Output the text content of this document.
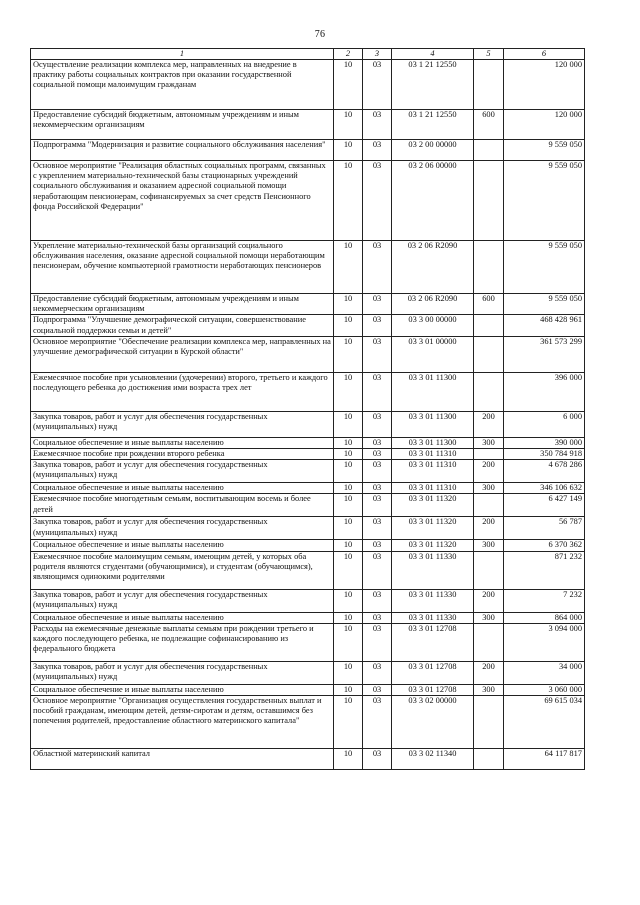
76
1	2	3	4	5	6
Осуществление реализации комплекса мер, направленных на внедрение в практику работы социальных контрактов при оказании государственной социальной помощи малоимущим гражданам	10	03	03 1 21 12550		120 000
Предоставление субсидий бюджетным, автономным учреждениям и иным некоммерческим организациям	10	03	03 1 21 12550	600	120 000
Подпрограмма "Модернизация и развитие социального обслуживания населения"	10	03	03 2 00 00000		9 559 050
Основное мероприятие "Реализация областных социальных программ, связанных с укреплением материально-технической базы стационарных учреждений социального обслуживания и оказанием адресной социальной помощи неработающим пенсионерам, софинансируемых за счет средств Пенсионного фонда Российской Федерации"	10	03	03 2 06 00000		9 559 050
Укрепление материально-технической базы организаций социального обслуживания населения, оказание адресной социальной помощи неработающим пенсионерам, обучение компьютерной грамотности неработающих пенсионеров	10	03	03 2 06 R2090		9 559 050
Предоставление субсидий бюджетным, автономным учреждениям и иным некоммерческим организациям	10	03	03 2 06 R2090	600	9 559 050
Подпрограмма "Улучшение демографической ситуации, совершенствование социальной поддержки семьи и детей"	10	03	03 3 00 00000		468 428 961
Основное мероприятие "Обеспечение реализации комплекса мер, направленных на улучшение демографической ситуации в Курской области"	10	03	03 3 01 00000		361 573 299
Ежемесячное пособие при усыновлении (удочерении) второго, третьего и каждого последующего ребенка до достижения ими возраста трех лет	10	03	03 3 01 11300		396 000
Закупка товаров, работ и услуг для обеспечения государственных (муниципальных) нужд	10	03	03 3 01 11300	200	6 000
Социальное обеспечение и иные выплаты населению	10	03	03 3 01 11300	300	390 000
Ежемесячное пособие при рождении второго ребенка	10	03	03 3 01 11310		350 784 918
Закупка товаров, работ и услуг для обеспечения государственных (муниципальных) нужд	10	03	03 3 01 11310	200	4 678 286
Социальное обеспечение и иные выплаты населению	10	03	03 3 01 11310	300	346 106 632
Ежемесячное пособие многодетным семьям, воспитывающим восемь и более детей	10	03	03 3 01 11320		6 427 149
Закупка товаров, работ и услуг для обеспечения государственных (муниципальных) нужд	10	03	03 3 01 11320	200	56 787
Социальное обеспечение и иные выплаты населению	10	03	03 3 01 11320	300	6 370 362
Ежемесячное пособие малоимущим семьям, имеющим детей, у которых оба родителя являются студентами (обучающимися), и студентам (обучающимся), являющимся одинокими родителями	10	03	03 3 01 11330		871 232
Закупка товаров, работ и услуг для обеспечения государственных (муниципальных) нужд	10	03	03 3 01 11330	200	7 232
Социальное обеспечение и иные выплаты населению	10	03	03 3 01 11330	300	864 000
Расходы на ежемесячные денежные выплаты семьям при рождении третьего и каждого последующего ребенка, не подлежащие софинансированию из федерального бюджета	10	03	03 3 01 12708		3 094 000
Закупка товаров, работ и услуг для обеспечения государственных (муниципальных) нужд	10	03	03 3 01 12708	200	34 000
Социальное обеспечение и иные выплаты населению	10	03	03 3 01 12708	300	3 060 000
Основное мероприятие "Организация осуществления государственных выплат и пособий гражданам, имеющим детей, детям-сиротам и детям, оставшимся без попечения родителей, предоставление областного материнского капитала"	10	03	03 3 02 00000		69 615 034
Областной материнский капитал	10	03	03 3 02 11340		64 117 817
